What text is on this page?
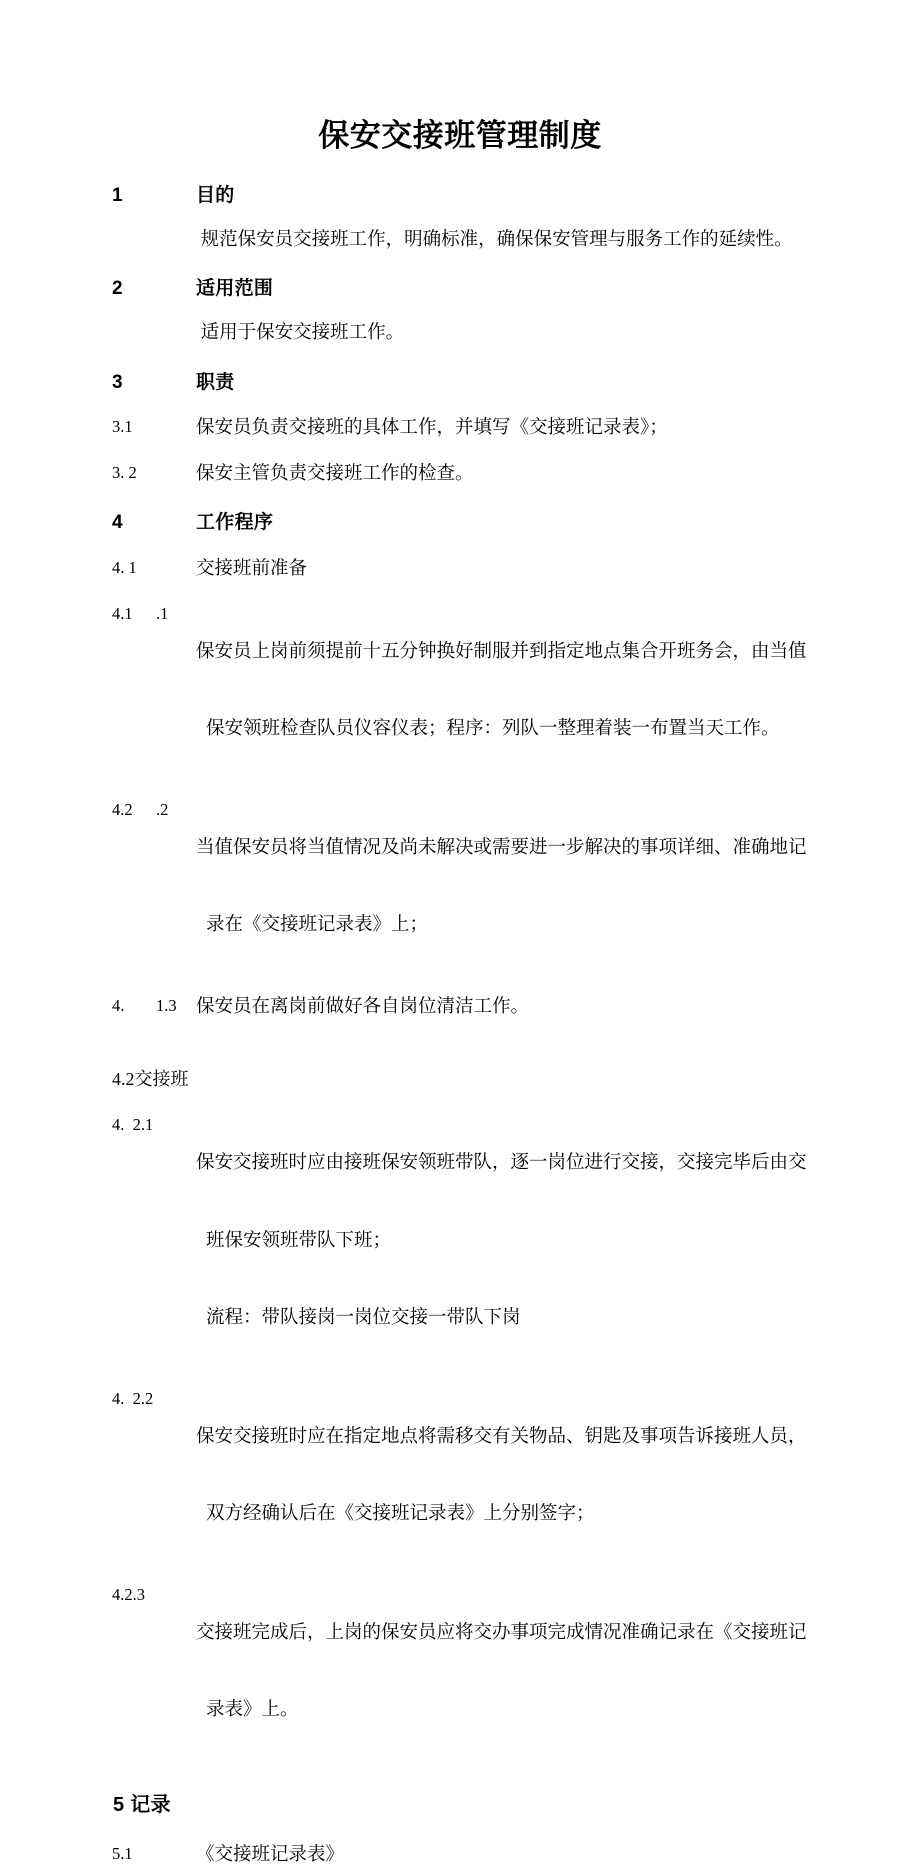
保安交接班管理制度
1	目的
规范保安员交接班工作，明确标准，确保保安管理与服务工作的延续性。
2	适用范围
适用于保安交接班工作。
3	职责
3.1	保安员负责交接班的具体工作，并填写《交接班记录表》；
3. 2	保安主管负责交接班工作的检查。
4	工作程序
4. 1	交接班前准备
4.1	.1

保安员上岗前须提前十五分钟换好制服并到指定地点集合开班务会，由当值

保安领班检查队员仪容仪表；程序：列队一整理着装一布置当天工作。

4.2	.2

当值保安员将当值情况及尚未解决或需要进一步解决的事项详细、准确地记

录在《交接班记录表》上；

4.	1.3	保安员在离岗前做好各自岗位清洁工作。
4.2交接班
4.  2.1

保安交接班时应由接班保安领班带队，逐一岗位进行交接，交接完毕后由交

班保安领班带队下班；

流程：带队接岗一岗位交接一带队下岗

4.  2.2

保安交接班时应在指定地点将需移交有关物品、钥匙及事项告诉接班人员，

双方经确认后在《交接班记录表》上分别签字；

4.2.3

交接班完成后，上岗的保安员应将交办事项完成情况准确记录在《交接班记

录表》上。

5 记录
5.1	《交接班记录表》
